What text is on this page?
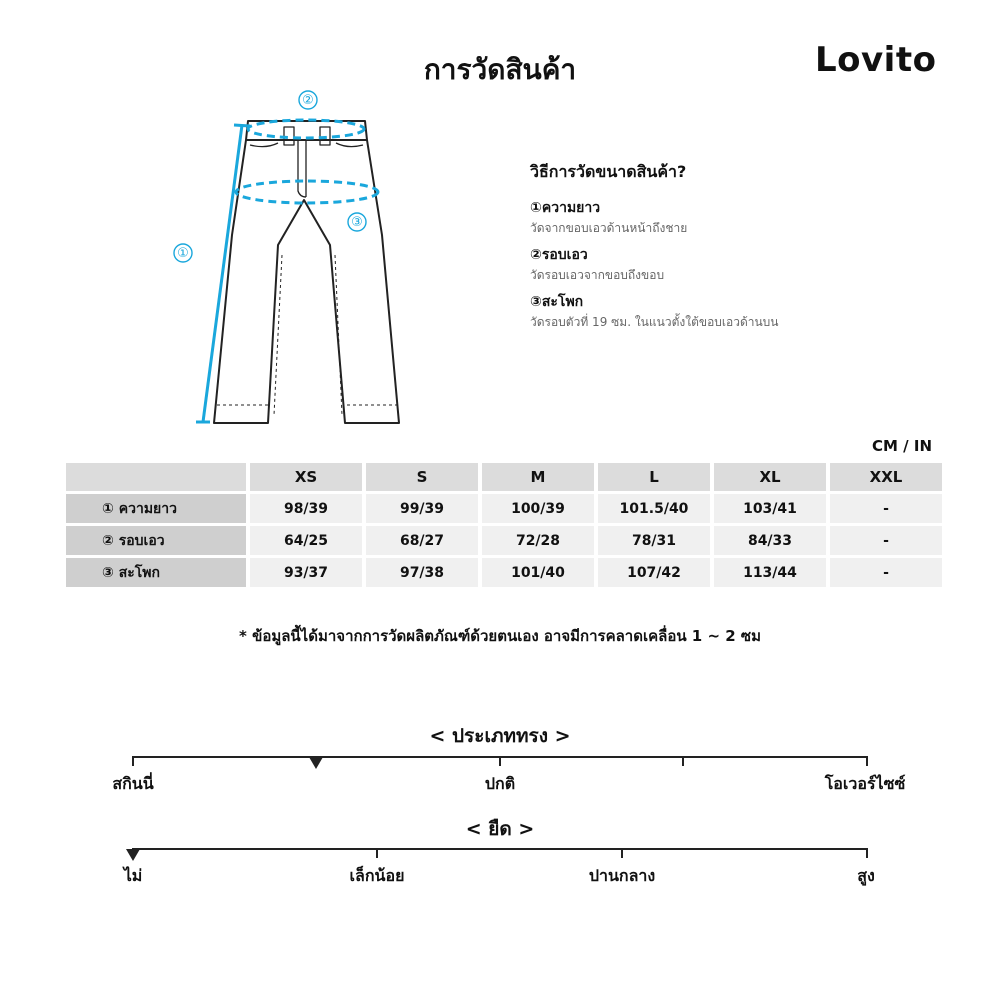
การวัดสินค้า	Lovito
②
③
①
วิธีการวัดขนาดสินค้า?
①ความยาว
วัดจากขอบเอวด้านหน้าถึงชาย
②รอบเอว
วัดรอบเอวจากขอบถึงขอบ
③สะโพก
วัดรอบตัวที่ 19 ซม. ในแนวตั้งใต้ขอบเอวด้านบน
CM / IN
	XS	S	M	L	XL	XXL
① ความยาว	98/39	99/39	100/39	101.5/40	103/41	-
② รอบเอว	64/25	68/27	72/28	78/31	84/33	-
③ สะโพก	93/37	97/38	101/40	107/42	113/44	-
* ข้อมูลนี้ได้มาจากการวัดผลิตภัณฑ์ด้วยตนเอง อาจมีการคลาดเคลื่อน 1 ~ 2 ซม
< ประเภททรง >
สกินนี่	ปกติ	โอเวอร์ไซซ์
< ยืด >
ไม่	เล็กน้อย	ปานกลาง	สูง
